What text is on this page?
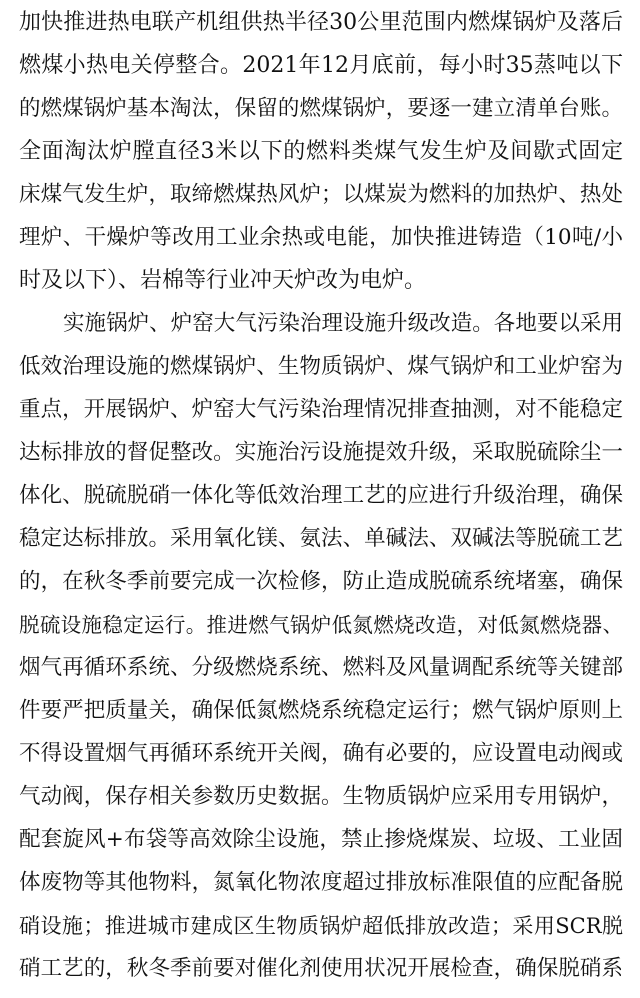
加快推进热电联产机组供热半径30公里范围内燃煤锅炉及落后
燃煤小热电关停整合。2021年12月底前，每小时35蒸吨以下
的燃煤锅炉基本淘汰，保留的燃煤锅炉，要逐一建立清单台账。
全面淘汰炉膛直径3米以下的燃料类煤气发生炉及间歇式固定
床煤气发生炉，取缔燃煤热风炉；以煤炭为燃料的加热炉、热处
理炉、干燥炉等改用工业余热或电能，加快推进铸造（10吨/小
时及以下）、岩棉等行业冲天炉改为电炉。
实施锅炉、炉窑大气污染治理设施升级改造。各地要以采用
低效治理设施的燃煤锅炉、生物质锅炉、煤气锅炉和工业炉窑为
重点，开展锅炉、炉窑大气污染治理情况排查抽测，对不能稳定
达标排放的督促整改。实施治污设施提效升级，采取脱硫除尘一
体化、脱硫脱硝一体化等低效治理工艺的应进行升级治理，确保
稳定达标排放。采用氧化镁、氨法、单碱法、双碱法等脱硫工艺
的，在秋冬季前要完成一次检修，防止造成脱硫系统堵塞，确保
脱硫设施稳定运行。推进燃气锅炉低氮燃烧改造，对低氮燃烧器、
烟气再循环系统、分级燃烧系统、燃料及风量调配系统等关键部
件要严把质量关，确保低氮燃烧系统稳定运行；燃气锅炉原则上
不得设置烟气再循环系统开关阀，确有必要的，应设置电动阀或
气动阀，保存相关参数历史数据。生物质锅炉应采用专用锅炉，
配套旋风+布袋等高效除尘设施，禁止掺烧煤炭、垃圾、工业固
体废物等其他物料，氮氧化物浓度超过排放标准限值的应配备脱
硝设施；推进城市建成区生物质锅炉超低排放改造；采用SCR脱
硝工艺的，秋冬季前要对催化剂使用状况开展检查，确保脱硝系
